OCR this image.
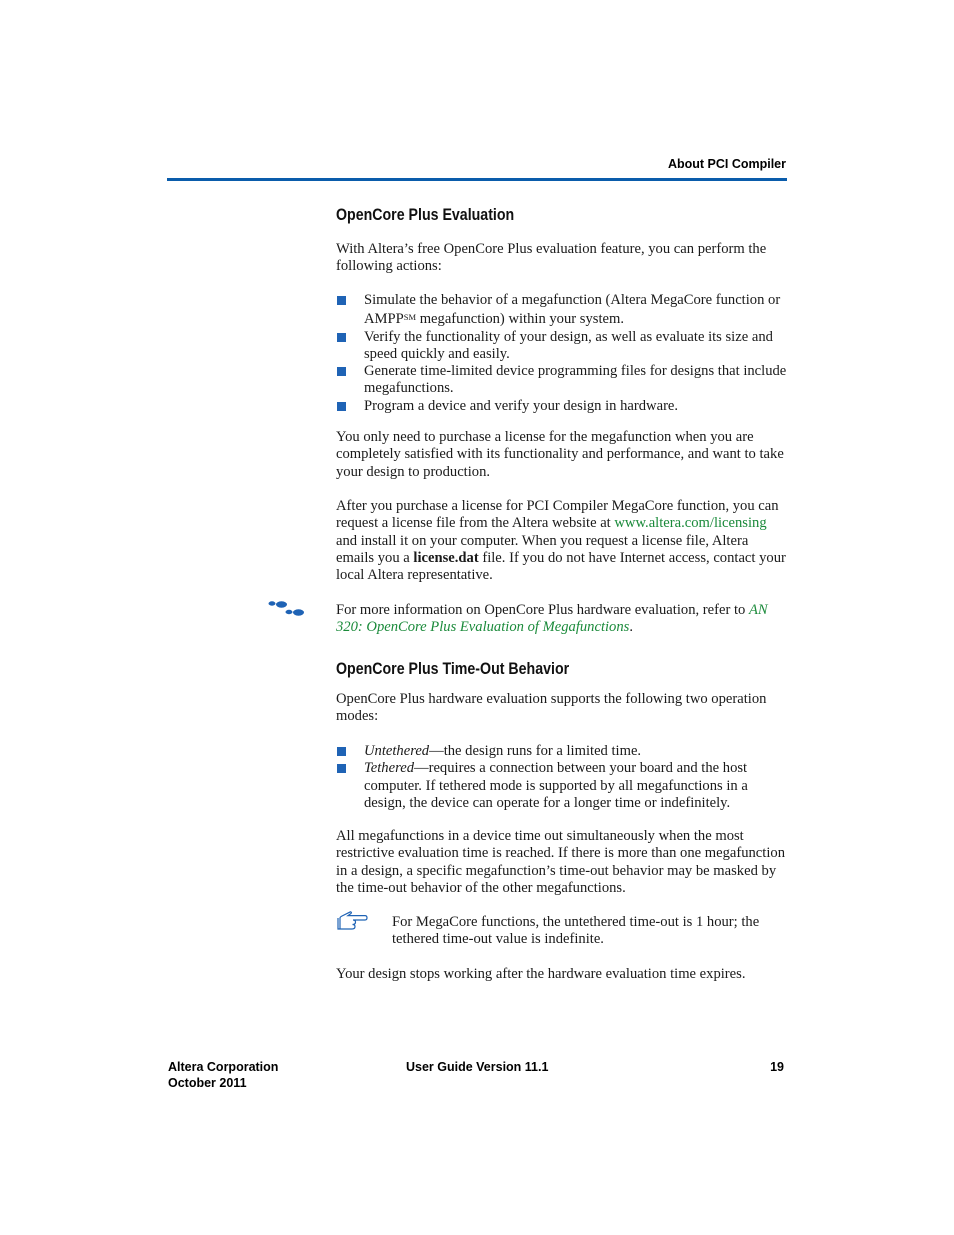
About PCI Compiler
OpenCore Plus Evaluation

With Altera’s free OpenCore Plus evaluation feature, you can perform the following actions:

Simulate the behavior of a megafunction (Altera MegaCore function or AMPP℠ megafunction) within your system.
Verify the functionality of your design, as well as evaluate its size and speed quickly and easily.
Generate time-limited device programming files for designs that include megafunctions.
Program a device and verify your design in hardware.

You only need to purchase a license for the megafunction when you are completely satisfied with its functionality and performance, and want to take your design to production.

After you purchase a license for PCI Compiler MegaCore function, you can request a license file from the Altera website at www.altera.com/licensing and install it on your computer. When you request a license file, Altera emails you a license.dat file. If you do not have Internet access, contact your local Altera representative.

For more information on OpenCore Plus hardware evaluation, refer to AN 320: OpenCore Plus Evaluation of Megafunctions.
OpenCore Plus Time-Out Behavior

OpenCore Plus hardware evaluation supports the following two operation modes:

Untethered—the design runs for a limited time.
Tethered—requires a connection between your board and the host computer. If tethered mode is supported by all megafunctions in a design, the device can operate for a longer time or indefinitely.

All megafunctions in a device time out simultaneously when the most restrictive evaluation time is reached. If there is more than one megafunction in a design, a specific megafunction’s time-out behavior may be masked by the time-out behavior of the other megafunctions.

For MegaCore functions, the untethered time-out is 1 hour; the tethered time-out value is indefinite.

Your design stops working after the hardware evaluation time expires.

Altera Corporation
October 2011
User Guide Version 11.1	19
